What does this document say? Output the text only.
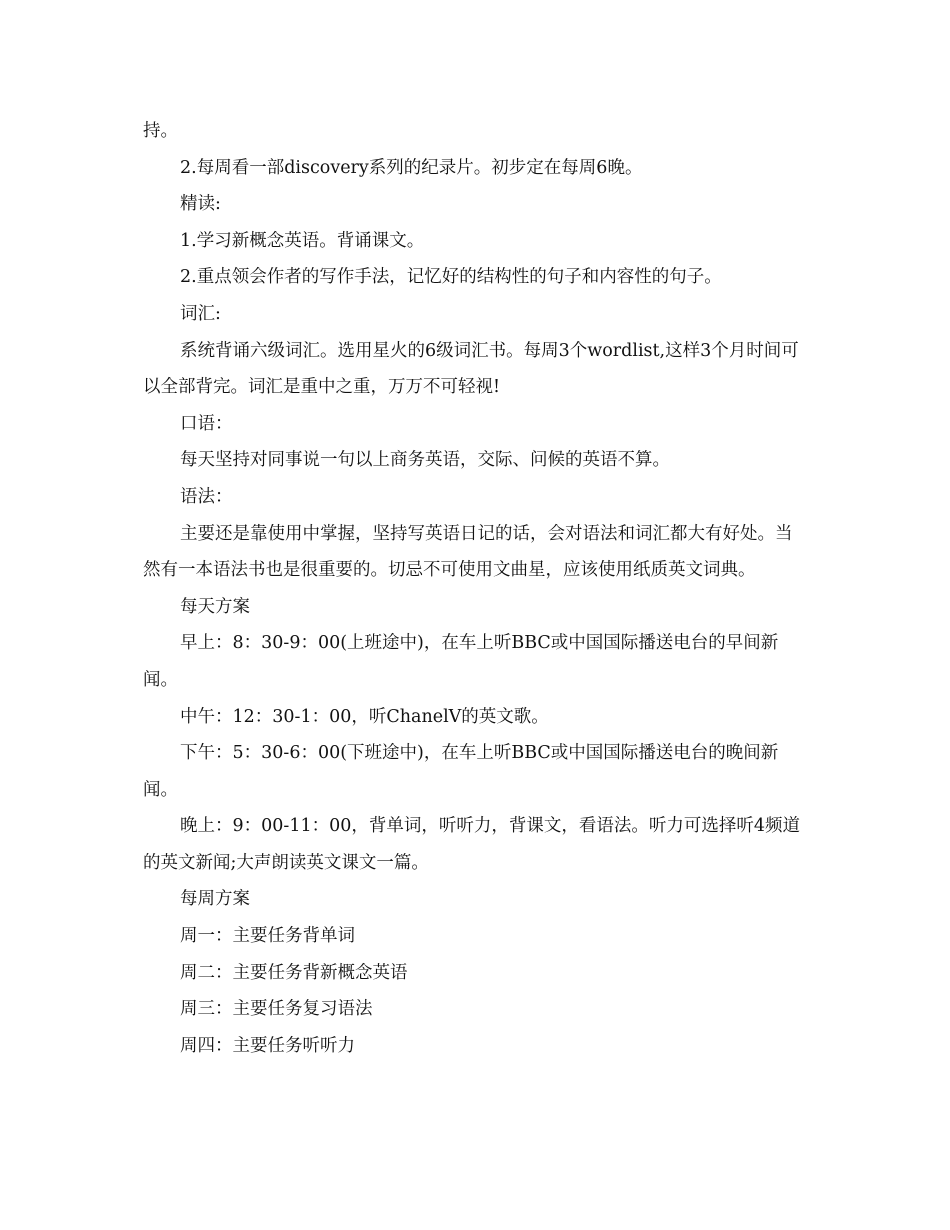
持。

2.每周看一部discovery系列的纪录片。初步定在每周6晚。

精读:

1.学习新概念英语。背诵课文。

2.重点领会作者的写作手法，记忆好的结构性的句子和内容性的句子。

词汇:

系统背诵六级词汇。选用星火的6级词汇书。每周3个wordlist,这样3个月时间可以全部背完。词汇是重中之重，万万不可轻视!

口语：

每天坚持对同事说一句以上商务英语，交际、问候的英语不算。

语法：

主要还是靠使用中掌握，坚持写英语日记的话，会对语法和词汇都大有好处。当然有一本语法书也是很重要的。切忌不可使用文曲星，应该使用纸质英文词典。

每天方案

早上：8：30-9：00(上班途中)，在车上听BBC或中国国际播送电台的早间新闻。

中午：12：30-1：00，听ChanelV的英文歌。

下午：5：30-6：00(下班途中)，在车上听BBC或中国国际播送电台的晚间新闻。

晚上：9：00-11：00，背单词，听听力，背课文，看语法。听力可选择听4频道的英文新闻;大声朗读英文课文一篇。

每周方案

周一：主要任务背单词

周二：主要任务背新概念英语

周三：主要任务复习语法

周四：主要任务听听力
